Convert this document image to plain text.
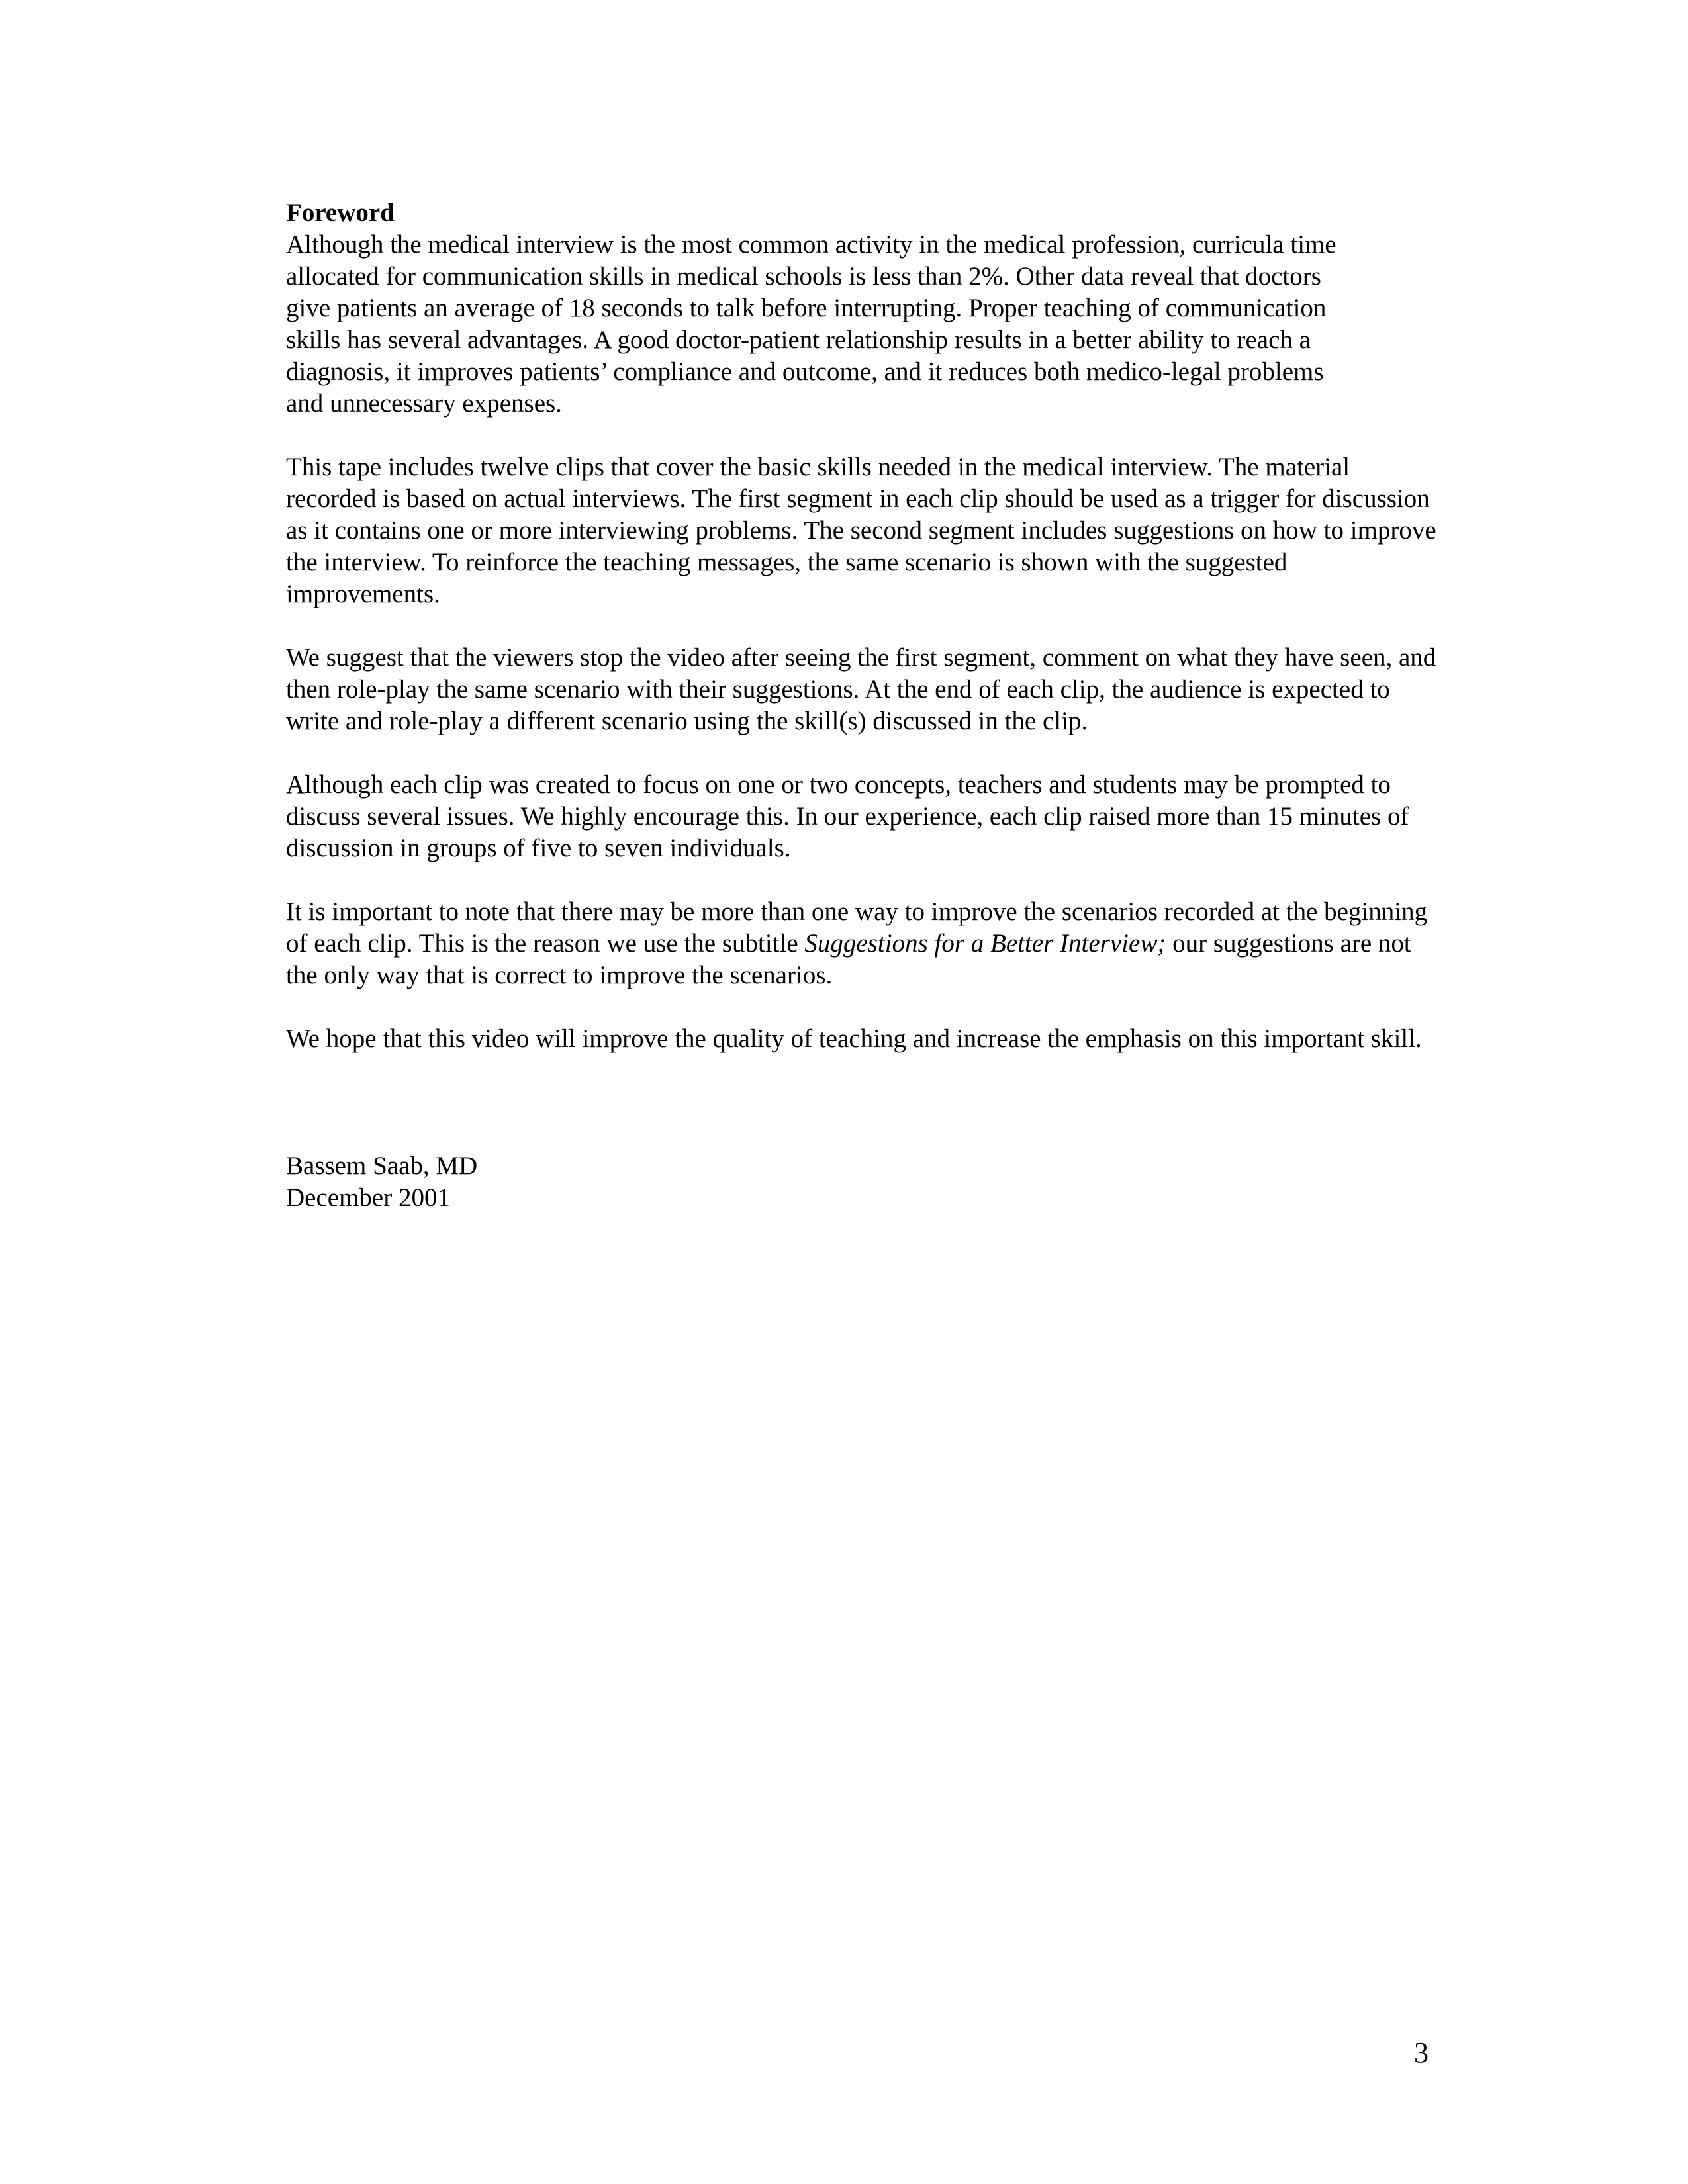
Foreword

Although the medical interview is the most common activity in the medical profession, curricula time
allocated for communication skills in medical schools is less than 2%. Other data reveal that doctors
give patients an average of 18 seconds to talk before interrupting. Proper teaching of communication
skills has several advantages. A good doctor-patient relationship results in a better ability to reach a
diagnosis, it improves patients’ compliance and outcome, and it reduces both medico-legal problems
and unnecessary expenses.

This tape includes twelve clips that cover the basic skills needed in the medical interview. The material
recorded is based on actual interviews. The first segment in each clip should be used as a trigger for discussion
as it contains one or more interviewing problems. The second segment includes suggestions on how to improve
the interview. To reinforce the teaching messages, the same scenario is shown with the suggested
improvements.

We suggest that the viewers stop the video after seeing the first segment, comment on what they have seen, and
then role-play the same scenario with their suggestions. At the end of each clip, the audience is expected to
write and role-play a different scenario using the skill(s) discussed in the clip.

Although each clip was created to focus on one or two concepts, teachers and students may be prompted to
discuss several issues. We highly encourage this. In our experience, each clip raised more than 15 minutes of
discussion in groups of five to seven individuals.

It is important to note that there may be more than one way to improve the scenarios recorded at the beginning
of each clip. This is the reason we use the subtitle Suggestions for a Better Interview; our suggestions are not
the only way that is correct to improve the scenarios.

We hope that this video will improve the quality of teaching and increase the emphasis on this important skill.

Bassem Saab, MD

December 2001

3
